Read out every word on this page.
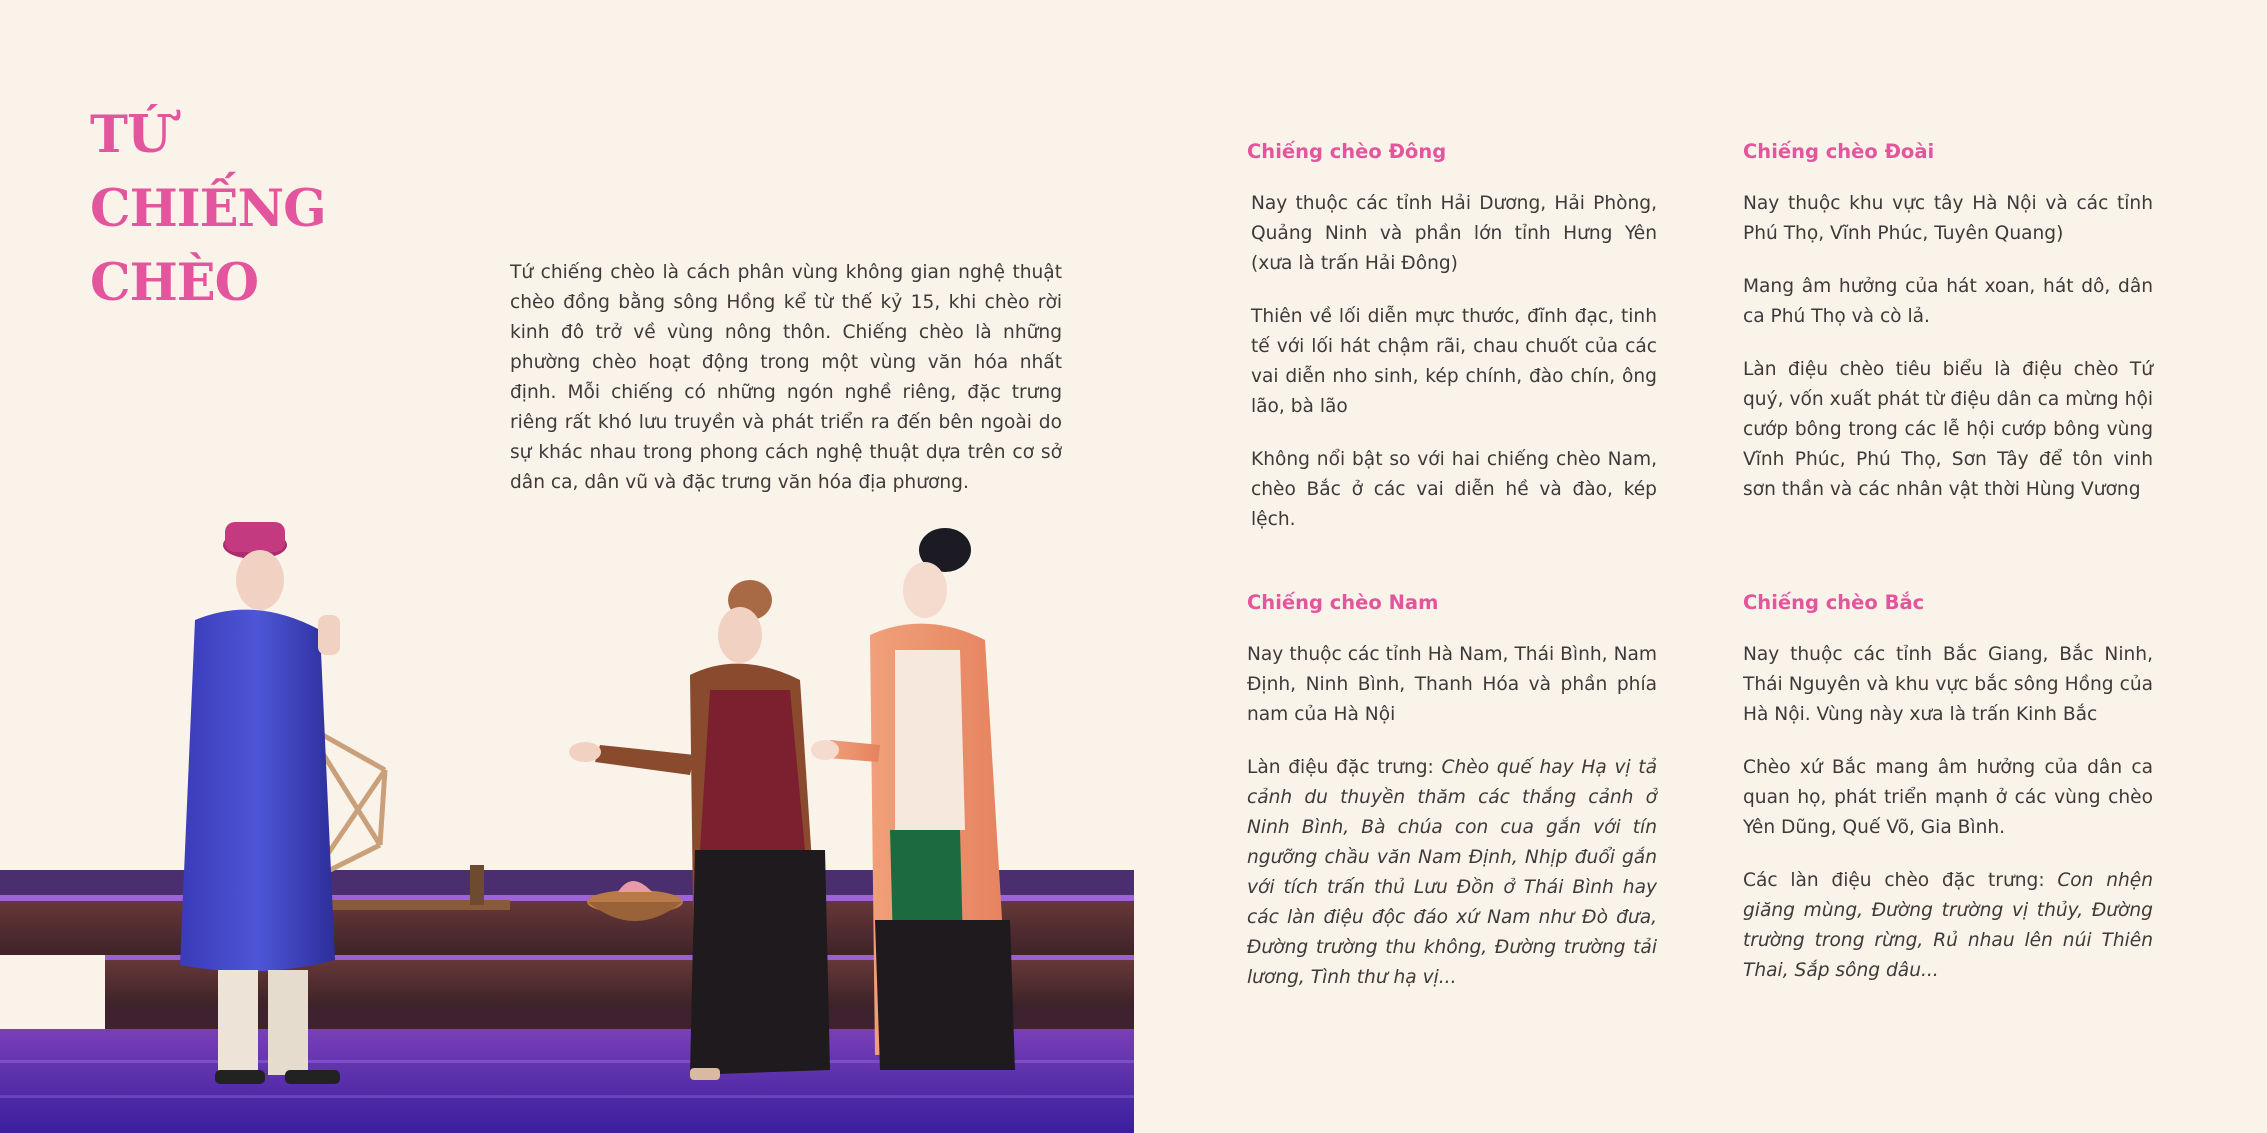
TỨ CHIẾNG
CHÈO	Tứ chiếng chèo là cách phân vùng không gian nghệ thuật chèo đồng bằng sông Hồng kể từ thế kỷ 15, khi chèo rời kinh đô trở về vùng nông thôn. Chiếng chèo là những phường chèo hoạt động trong một vùng văn hóa nhất định. Mỗi chiếng có những ngón nghề riêng, đặc trưng riêng rất khó lưu truyền và phát triển ra đến bên ngoài do sự khác nhau trong phong cách nghệ thuật dựa trên cơ sở dân ca, dân vũ và đặc trưng văn hóa địa phương.

Chiếng chèo Đông

Nay thuộc các tỉnh Hải Dương, Hải Phòng, Quảng Ninh và phần lớn tỉnh Hưng Yên (xưa là trấn Hải Đông)

Thiên về lối diễn mực thước, đĩnh đạc, tinh tế với lối hát chậm rãi, chau chuốt của các vai diễn nho sinh, kép chính, đào chín, ông lão, bà lão

Không nổi bật so với hai chiếng chèo Nam, chèo Bắc ở các vai diễn hề và đào, kép lệch.

Chiếng chèo Đoài

Nay thuộc khu vực tây Hà Nội và các tỉnh Phú Thọ, Vĩnh Phúc, Tuyên Quang)

Mang âm hưởng của hát xoan, hát dô, dân ca Phú Thọ và cò lả.

Làn điệu chèo tiêu biểu là điệu chèo Tứ quý, vốn xuất phát từ điệu dân ca mừng hội cướp bông trong các lễ hội cướp bông vùng Vĩnh Phúc, Phú Thọ, Sơn Tây để tôn vinh sơn thần và các nhân vật thời Hùng Vương

Chiếng chèo Nam

Nay thuộc các tỉnh Hà Nam, Thái Bình, Nam Định, Ninh Bình, Thanh Hóa và phần phía nam của Hà Nội

Làn điệu đặc trưng: Chèo quế hay Hạ vị tả cảnh du thuyền thăm các thắng cảnh ở Ninh Bình, Bà chúa con cua gắn với tín ngưỡng chầu văn Nam Định, Nhịp đuổi gắn với tích trấn thủ Lưu Đồn ở Thái Bình hay các làn điệu độc đáo xứ Nam như Đò đưa, Đường trường thu không, Đường trường tải lương, Tình thư hạ vị...

Chiếng chèo Bắc

Nay thuộc các tỉnh Bắc Giang, Bắc Ninh, Thái Nguyên và khu vực bắc sông Hồng của Hà Nội. Vùng này xưa là trấn Kinh Bắc

Chèo xứ Bắc mang âm hưởng của dân ca quan họ, phát triển mạnh ở các vùng chèo Yên Dũng, Quế Võ, Gia Bình.

Các làn điệu chèo đặc trưng: Con nhện giăng mùng, Đường trường vị thủy, Đường trường trong rừng, Rủ nhau lên núi Thiên Thai, Sắp sông dâu...
